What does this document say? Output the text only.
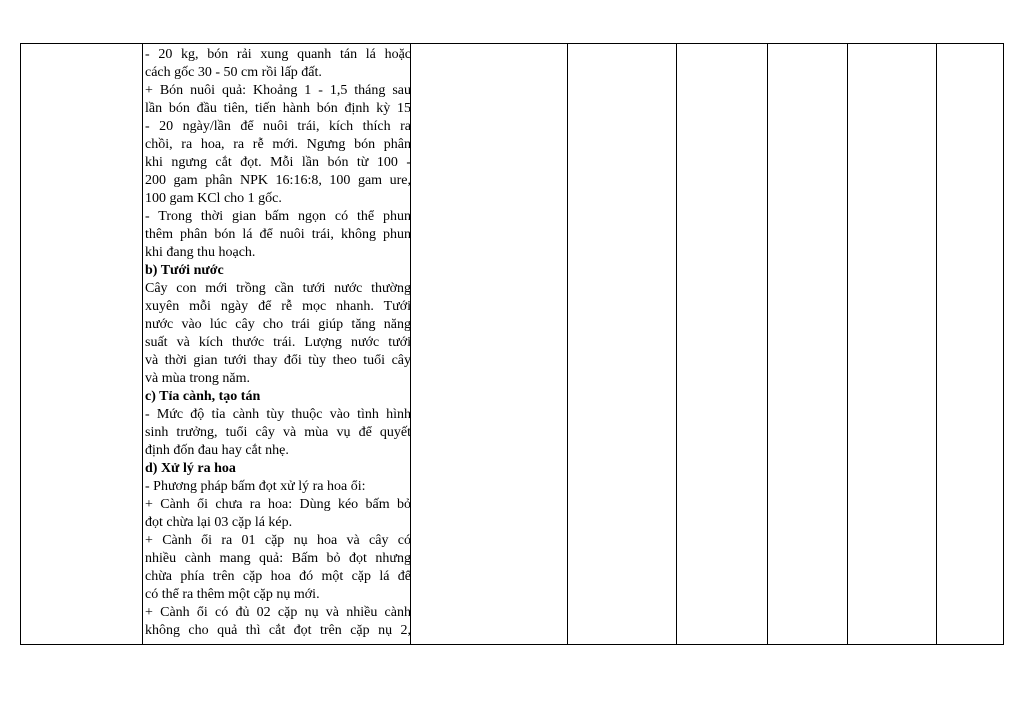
- 20 kg, bón rải xung quanh tán lá hoặc
cách gốc 30 - 50 cm rồi lấp đất.
+ Bón nuôi quả: Khoảng 1 - 1,5 tháng sau
lần bón đầu tiên, tiến hành bón định kỳ 15
- 20 ngày/lần để nuôi trái, kích thích ra
chồi, ra hoa, ra rễ mới. Ngưng bón phân
khi ngưng cắt đọt. Mỗi lần bón từ 100 -
200 gam phân NPK 16:16:8, 100 gam ure,
100 gam KCl cho 1 gốc.
- Trong thời gian bấm ngọn có thể phun
thêm phân bón lá để nuôi trái, không phun
khi đang thu hoạch.
b) Tưới nước
Cây con mới trồng cần tưới nước thường
xuyên mỗi ngày để rễ mọc nhanh. Tưới
nước vào lúc cây cho trái giúp tăng năng
suất và kích thước trái. Lượng nước tưới
và thời gian tưới thay đổi tùy theo tuổi cây
và mùa trong năm.
c) Tỉa cành, tạo tán
- Mức độ tỉa cành tùy thuộc vào tình hình
sinh trưởng, tuổi cây và mùa vụ để quyết
định đốn đau hay cắt nhẹ.
d) Xử lý ra hoa
- Phương pháp bấm đọt xử lý ra hoa ổi:
+ Cành ổi chưa ra hoa: Dùng kéo bấm bỏ
đọt chừa lại 03 cặp lá kép.
+ Cành ổi ra 01 cặp nụ hoa và cây có
nhiều cành mang quả: Bấm bỏ đọt nhưng
chừa phía trên cặp hoa đó một cặp lá để
có thể ra thêm một cặp nụ mới.
+ Cành ổi có đủ 02 cặp nụ và nhiều cành
không cho quả thì cắt đọt trên cặp nụ 2,
